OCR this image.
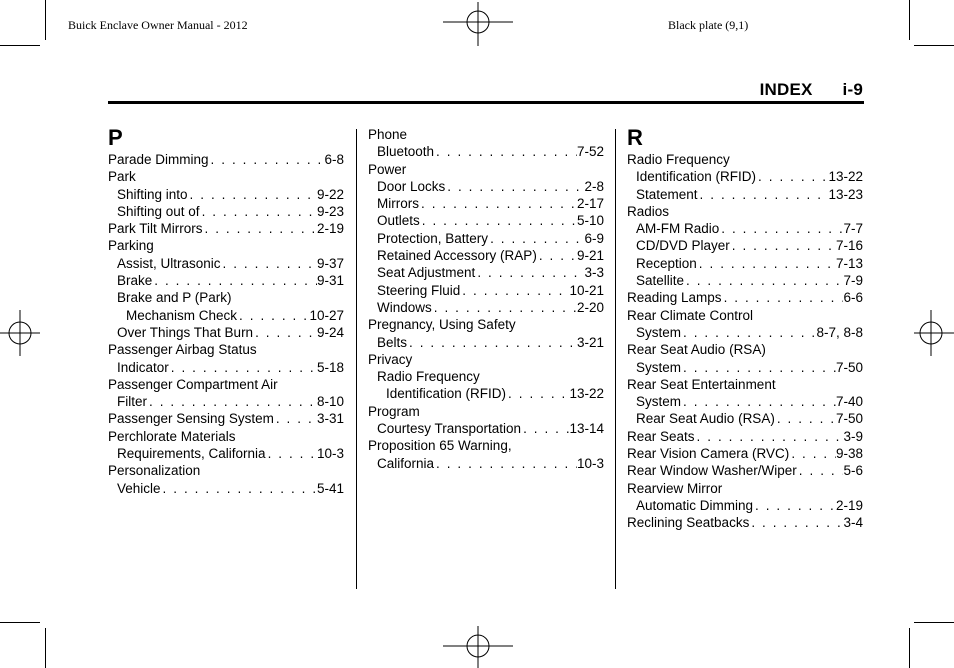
Buick Enclave Owner Manual - 2012	Black plate (9,1)
INDEX i-9
P
Parade Dimming . . .	6-8
Park
Shifting into . . .	9-22
Shifting out of . . .	9-23
Park Tilt Mirrors . . .	2-19
Parking
Assist, Ultrasonic . . .	9-37
Brake . . .	9-31
Brake and P (Park)
Mechanism Check . . .	10-27
Over Things That Burn . . .	9-24
Passenger Airbag Status
Indicator . . .	5-18
Passenger Compartment Air
Filter . . .	8-10
Passenger Sensing System . . .	3-31
Perchlorate Materials
Requirements, California . . .	10-3
Personalization
Vehicle . . .	5-41
Phone
Bluetooth . . .	7-52
Power
Door Locks . . .	2-8
Mirrors . . .	2-17
Outlets . . .	5-10
Protection, Battery . . .	6-9
Retained Accessory (RAP) . . .	9-21
Seat Adjustment . . .	3-3
Steering Fluid . . .	10-21
Windows . . .	2-20
Pregnancy, Using Safety
Belts . . .	3-21
Privacy
Radio Frequency
Identification (RFID) . . .	13-22
Program
Courtesy Transportation . . .	13-14
Proposition 65 Warning,
California . . .	10-3
R
Radio Frequency
Identification (RFID) . . .	13-22
Statement . . .	13-23
Radios
AM-FM Radio . . .	7-7
CD/DVD Player . . .	7-16
Reception . . .	7-13
Satellite . . .	7-9
Reading Lamps . . .	6-6
Rear Climate Control
System . . .	8-7, 8-8
Rear Seat Audio (RSA)
System . . .	7-50
Rear Seat Entertainment
System . . .	7-40
Rear Seat Audio (RSA) . . .	7-50
Rear Seats . . .	3-9
Rear Vision Camera (RVC) . . .	9-38
Rear Window Washer/Wiper . . .	5-6
Rearview Mirror
Automatic Dimming . . .	2-19
Reclining Seatbacks . . .	3-4
